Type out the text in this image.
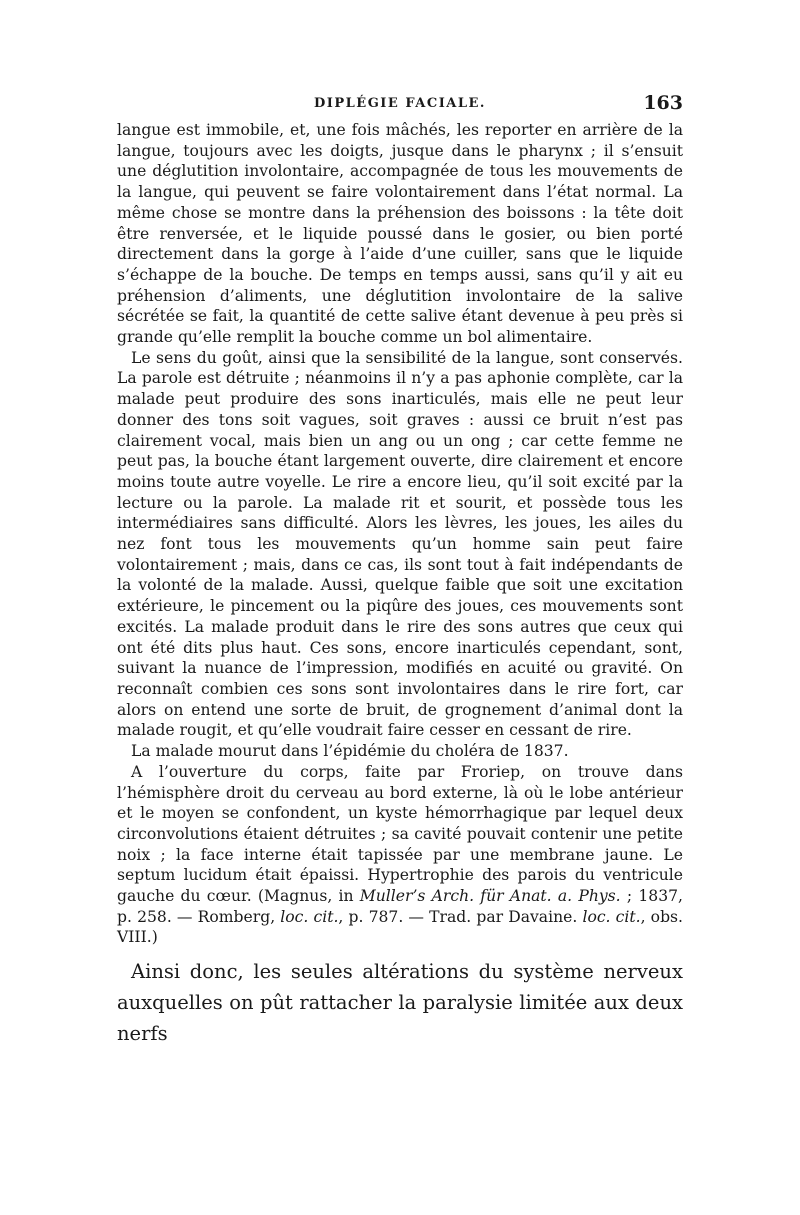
DIPLÉGIE FACIALE.	163

langue est immobile, et, une fois mâchés, les reporter en arrière de la langue, toujours avec les doigts, jusque dans le pharynx ; il s’ensuit une déglutition involontaire, accompagnée de tous les mouvements de la langue, qui peuvent se faire volontairement dans l’état normal. La même chose se montre dans la préhension des boissons : la tête doit être renversée, et le liquide poussé dans le gosier, ou bien porté directement dans la gorge à l’aide d’une cuiller, sans que le liquide s’échappe de la bouche. De temps en temps aussi, sans qu’il y ait eu préhension d’aliments, une déglutition involontaire de la salive sécrétée se fait, la quantité de cette salive étant devenue à peu près si grande qu’elle remplit la bouche comme un bol alimentaire.

Le sens du goût, ainsi que la sensibilité de la langue, sont conservés. La parole est détruite ; néanmoins il n’y a pas aphonie complète, car la malade peut produire des sons inarticulés, mais elle ne peut leur donner des tons soit vagues, soit graves : aussi ce bruit n’est pas clairement vocal, mais bien un ang ou un ong ; car cette femme ne peut pas, la bouche étant largement ouverte, dire clairement et encore moins toute autre voyelle. Le rire a encore lieu, qu’il soit excité par la lecture ou la parole. La malade rit et sourit, et possède tous les intermédiaires sans difficulté. Alors les lèvres, les joues, les ailes du nez font tous les mouvements qu’un homme sain peut faire volontairement ; mais, dans ce cas, ils sont tout à fait indépendants de la volonté de la malade. Aussi, quelque faible que soit une excitation extérieure, le pincement ou la piqûre des joues, ces mouvements sont excités. La malade produit dans le rire des sons autres que ceux qui ont été dits plus haut. Ces sons, encore inarticulés cependant, sont, suivant la nuance de l’impression, modifiés en acuité ou gravité. On reconnaît combien ces sons sont involontaires dans le rire fort, car alors on entend une sorte de bruit, de grognement d’animal dont la malade rougit, et qu’elle voudrait faire cesser en cessant de rire.

La malade mourut dans l’épidémie du choléra de 1837.

A l’ouverture du corps, faite par Froriep, on trouve dans l’hémisphère droit du cerveau au bord externe, là où le lobe antérieur et le moyen se confondent, un kyste hémorrhagique par lequel deux circonvolutions étaient détruites ; sa cavité pouvait contenir une petite noix ; la face interne était tapissée par une membrane jaune. Le septum lucidum était épaissi. Hypertrophie des parois du ventricule gauche du cœur. (Magnus, in Muller’s Arch. für Anat. a. Phys. ; 1837, p. 258. — Romberg, loc. cit., p. 787. — Trad. par Davaine. loc. cit., obs. VIII.)

Ainsi donc, les seules altérations du système nerveux auxquelles on pût rattacher la paralysie limitée aux deux nerfs
